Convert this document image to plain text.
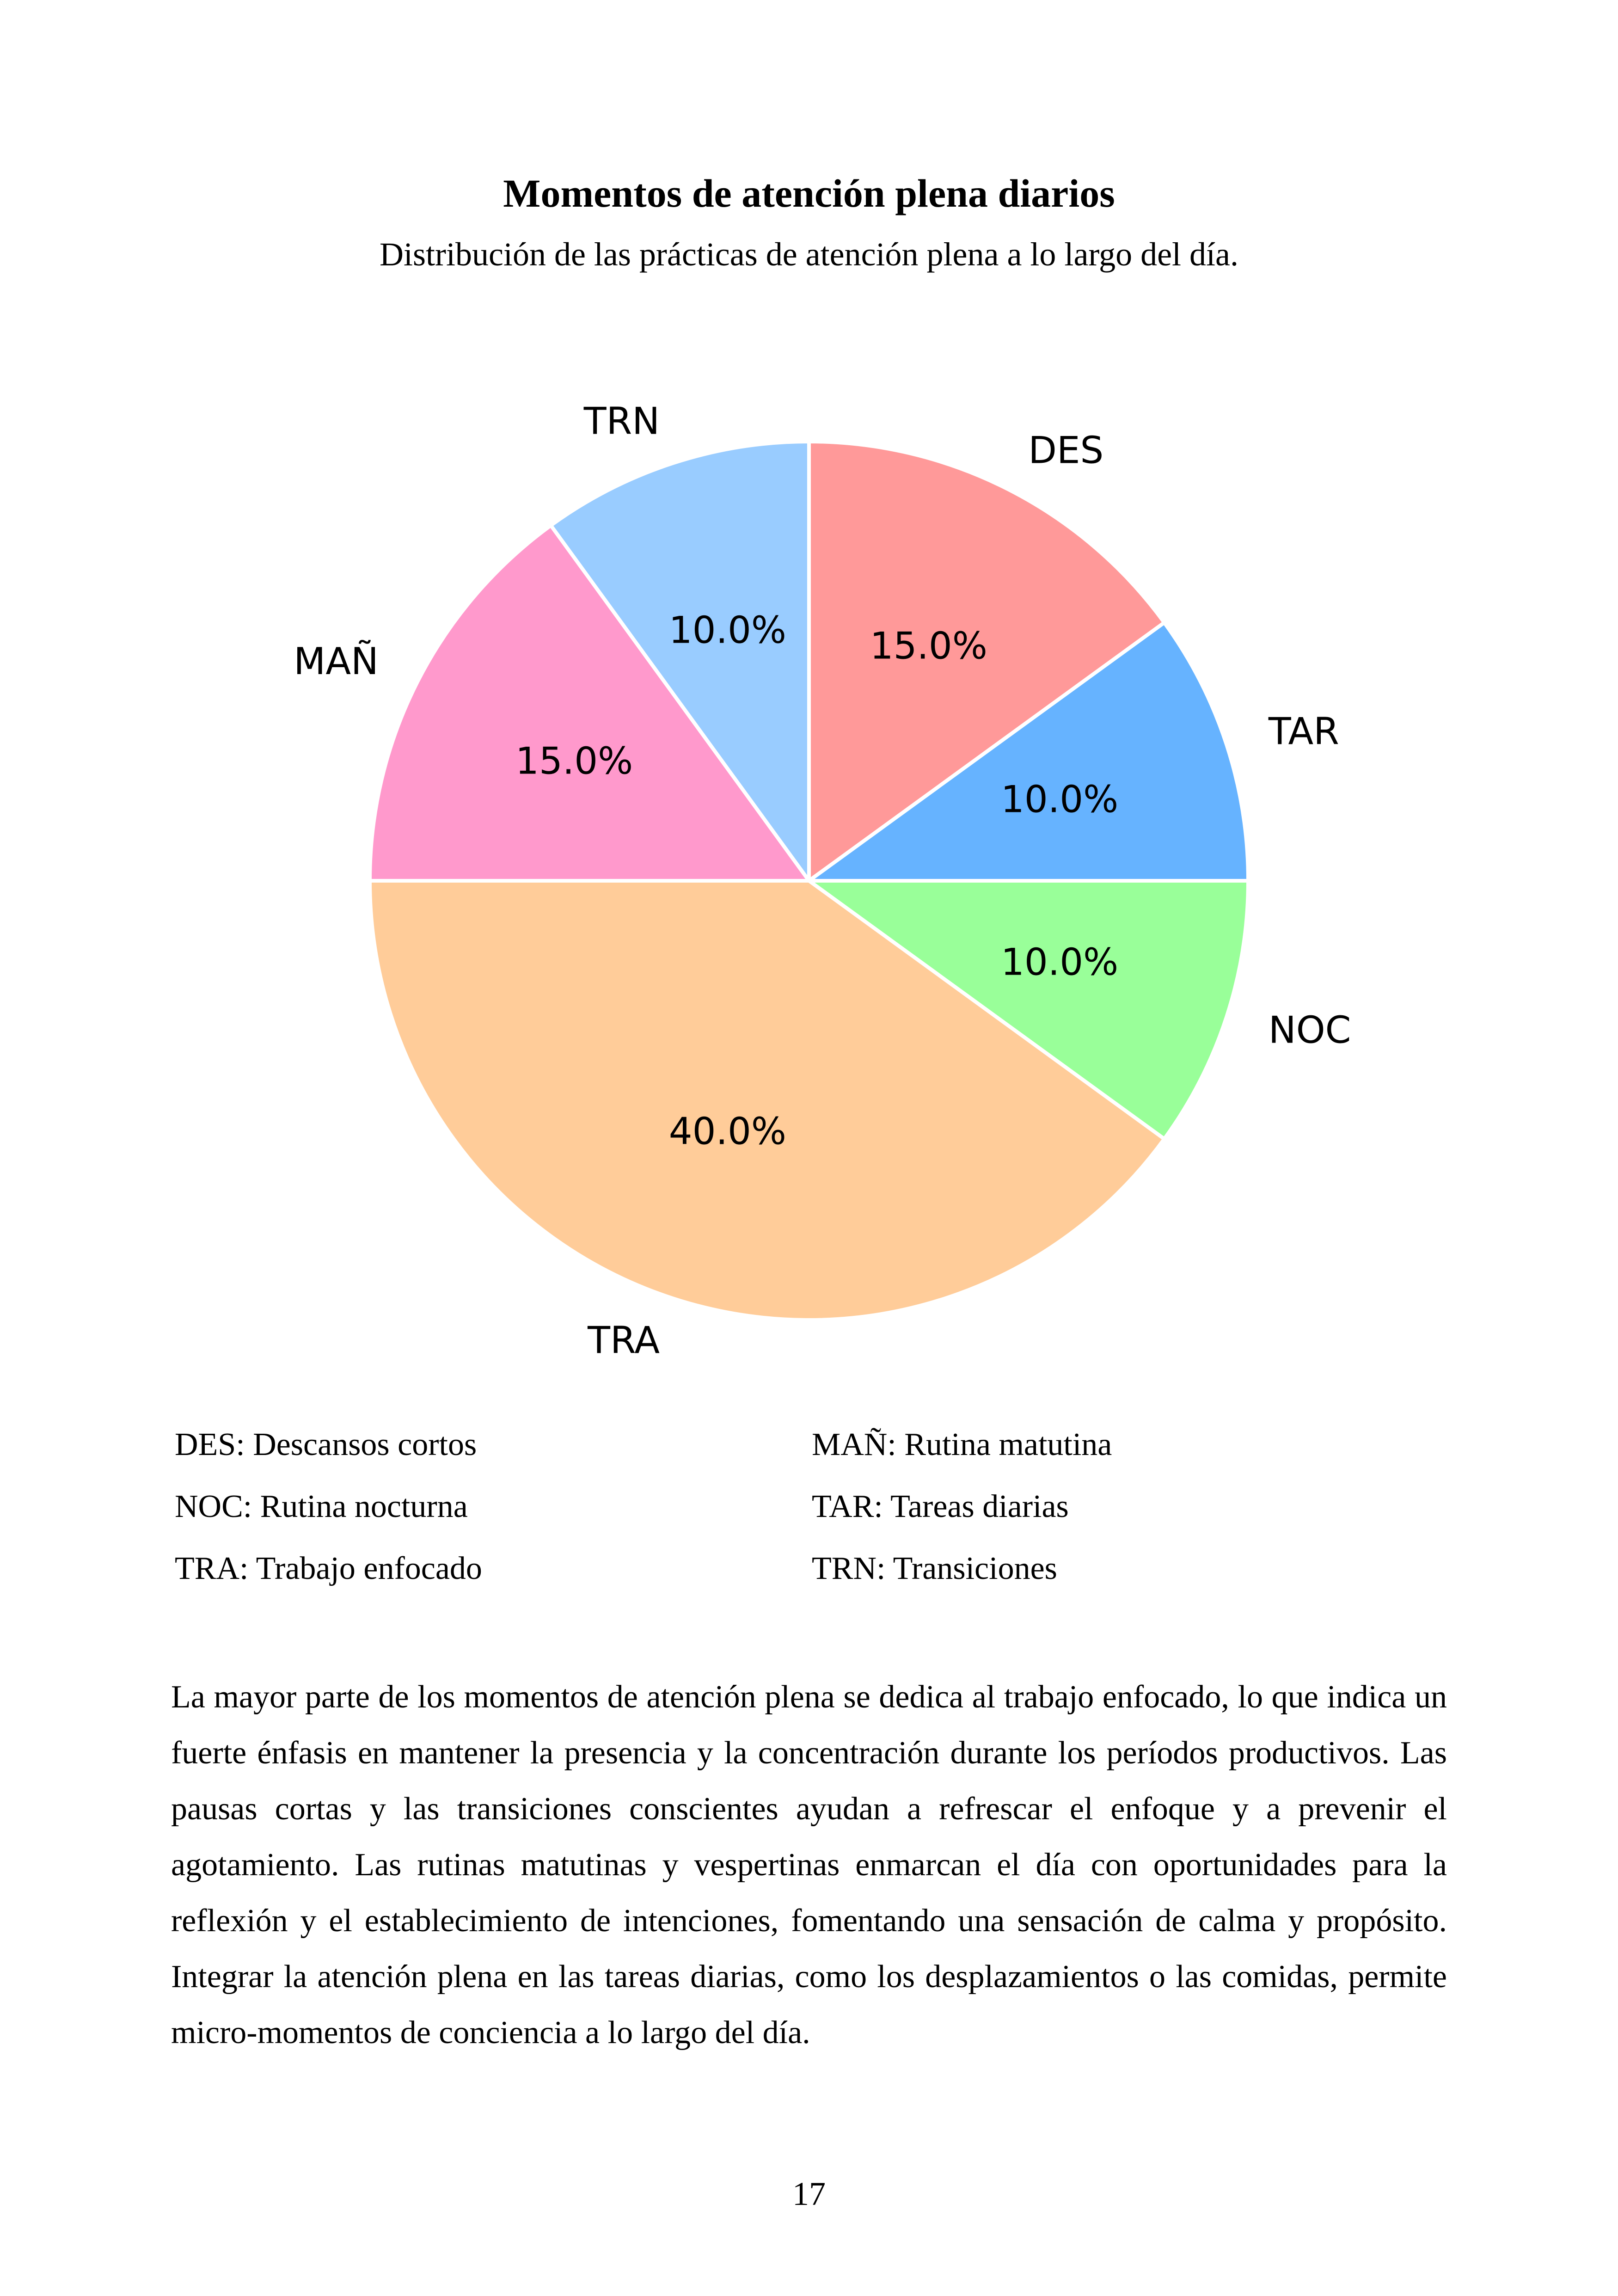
Momentos de atención plena diarios
Distribución de las prácticas de atención plena a lo largo del día.
15.0%
DES
10.0%
TAR
10.0%
NOC
40.0%
TRA
15.0%
MAÑ
10.0%
TRN
DES: Descansos cortos	MAÑ: Rutina matutina
NOC: Rutina nocturna	TAR: Tareas diarias
TRA: Trabajo enfocado	TRN: Transiciones
La mayor parte de los momentos de atención plena se dedica al trabajo enfocado, lo que indica un fuerte énfasis en mantener la presencia y la concentración durante los períodos productivos. Las pausas cortas y las transiciones conscientes ayudan a refrescar el enfoque y a prevenir el agotamiento. Las rutinas matutinas y vespertinas enmarcan el día con oportunidades para la reflexión y el establecimiento de intenciones, fomentando una sensación de calma y propósito. Integrar la atención plena en las tareas diarias, como los desplazamientos o las comidas, permite micro-momentos de conciencia a lo largo del día.
17
